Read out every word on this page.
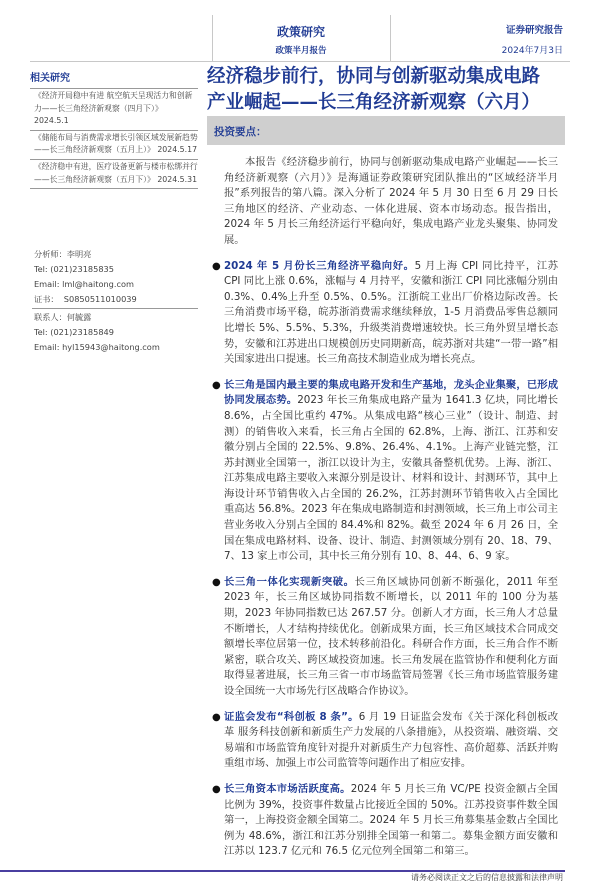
政策研究
政策半月报告
证券研究报告
2024年7月3日
相关研究
《经济开局稳中有进 航空航天呈现活力和创新力——长三角经济新观察（四月下）》 2024.5.1
《储能布局与消费需求增长引领区域发展新趋势——长三角经济新观察（五月上）》 2024.5.17
《经济稳中有进，医疗设备更新与楼市松绑并行——长三角经济新观察（五月下）》 2024.5.31
分析师：李明亮
Tel: (021)23185835
Email: lml@haitong.com
证书： S0850511010039
联系人：何毓露
Tel: (021)23185849
Email: hyl15943@haitong.com
经济稳步前行，协同与创新驱动集成电路
产业崛起——长三角经济新观察（六月）
投资要点：
本报告《经济稳步前行，协同与创新驱动集成电路产业崛起——长三角经济新观察（六月）》是海通证券政策研究团队推出的“区域经济半月报”系列报告的第八篇。深入分析了 2024 年 5 月 30 日至 6 月 29 日长三角地区的经济、产业动态、一体化进展、资本市场动态。报告指出，2024 年 5 月长三角经济运行平稳向好，集成电路产业龙头聚集、协同发展。
● 2024 年 5 月份长三角经济平稳向好。5 月上海 CPI 同比持平，江苏 CPI 同比上涨 0.6%，涨幅与 4 月持平，安徽和浙江 CPI 同比涨幅分别由 0.3%、0.4%上升至 0.5%、0.5%。江浙皖工业出厂价格边际改善。长三角消费市场平稳，皖苏浙消费需求继续释放，1-5 月消费品零售总额同比增长 5%、5.5%、5.3%，升级类消费增速较快。长三角外贸呈增长态势，安徽和江苏进出口规模创历史同期新高，皖苏浙对共建“一带一路”相关国家进出口提速。长三角高技术制造业成为增长亮点。
● 长三角是国内最主要的集成电路开发和生产基地，龙头企业集聚，已形成协同发展态势。2023 年长三角集成电路产量为 1641.3 亿块，同比增长 8.6%，占全国比重约 47%。从集成电路“核心三业”（设计、制造、封测）的销售收入来看，长三角占全国的 62.8%，上海、浙江、江苏和安徽分别占全国的 22.5%、9.8%、26.4%、4.1%。上海产业链完整，江苏封测业全国第一，浙江以设计为主，安徽具备整机优势。上海、浙江、江苏集成电路主要收入来源分别是设计、材料和设计、封测环节，其中上海设计环节销售收入占全国的 26.2%，江苏封测环节销售收入占全国比重高达 56.8%。2023 年在集成电路制造和封测领域，长三角上市公司主营业务收入分别占全国的 84.4%和 82%。截至 2024 年 6 月 26 日，全国在集成电路材料、设备、设计、制造、封测领域分别有 20、18、79、7、13 家上市公司，其中长三角分别有 10、8、44、6、9 家。
● 长三角一体化实现新突破。长三角区域协同创新不断强化，2011 年至 2023 年，长三角区域协同指数不断增长，以 2011 年的 100 分为基期，2023 年协同指数已达 267.57 分。创新人才方面，长三角人才总量不断增长，人才结构持续优化。创新成果方面，长三角区域技术合同成交额增长率位居第一位，技术转移前沿化。科研合作方面，长三角合作不断紧密，联合攻关、跨区域投资加速。长三角发展在监管协作和便利化方面取得显著进展，长三角三省一市市场监管局签署《长三角市场监管服务建设全国统一大市场先行区战略合作协议》。
● 证监会发布“科创板 8 条”。6 月 19 日证监会发布《关于深化科创板改革 服务科技创新和新质生产力发展的八条措施》，从投资端、融资端、交易端和市场监管角度针对提升对新质生产力包容性、高价超募、活跃并购重组市场、加强上市公司监管等问题作出了相应安排。
● 长三角资本市场活跃度高。2024 年 5 月长三角 VC/PE 投资金额占全国比例为 39%，投资事件数量占比接近全国的 50%。江苏投资事件数全国第一，上海投资金额全国第二。2024 年 5 月长三角募集基金数占全国比例为 48.6%，浙江和江苏分别排全国第一和第二。募集金额方面安徽和江苏以 123.7 亿元和 76.5 亿元位列全国第二和第三。
请务必阅读正文之后的信息披露和法律声明
